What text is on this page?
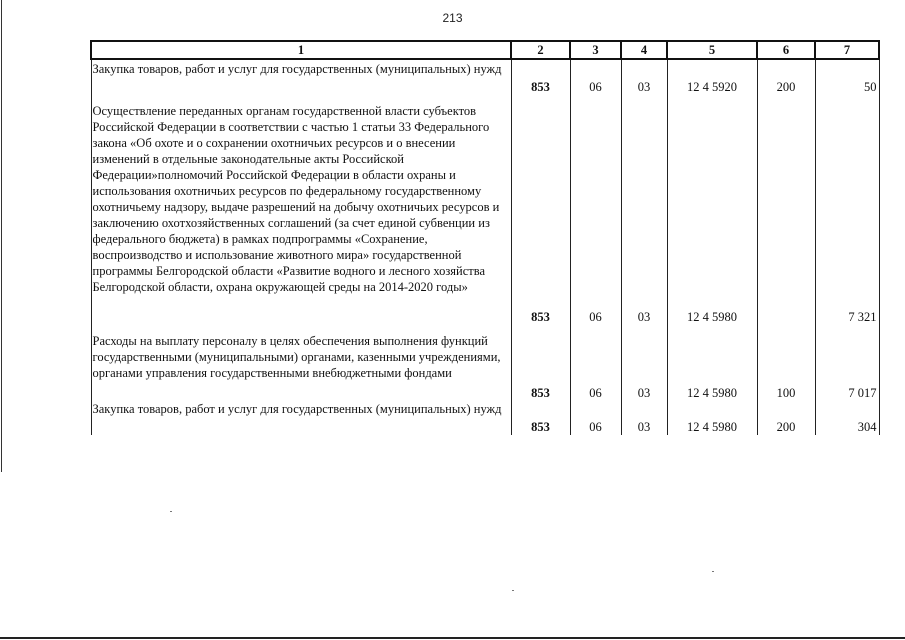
213
1	2	3	4	5	6	7
Закупка товаров, работ и услуг для государственных (муниципальных) нужд	853	06	03	12 4 5920	200	50
Осуществление переданных органам государственной власти субъектов Российской Федерации в соответствии с частью 1 статьи 33 Федерального закона «Об охоте и о сохранении охотничьих ресурсов и о внесении изменений в отдельные законодательные акты Российской Федерации»полномочий Российской Федерации в области охраны и использования охотничьих ресурсов по федеральному государственному охотничьему надзору, выдаче разрешений на добычу охотничьих ресурсов и заключению охотхозяйственных соглашений (за счет единой субвенции из федерального бюджета) в рамках подпрограммы «Сохранение, воспроизводство и использование животного мира» государственной программы Белгородской области «Развитие водного и лесного хозяйства Белгородской области, охрана окружающей среды на 2014-2020 годы»	853	06	03	12 4 5980		7 321
Расходы на выплату персоналу в целях обеспечения выполнения функций государственными (муниципальными) органами, казенными учреждениями, органами управления государственными внебюджетными фондами	853	06	03	12 4 5980	100	7 017
Закупка товаров, работ и услуг для государственных (муниципальных) нужд	853	06	03	12 4 5980	200	304
